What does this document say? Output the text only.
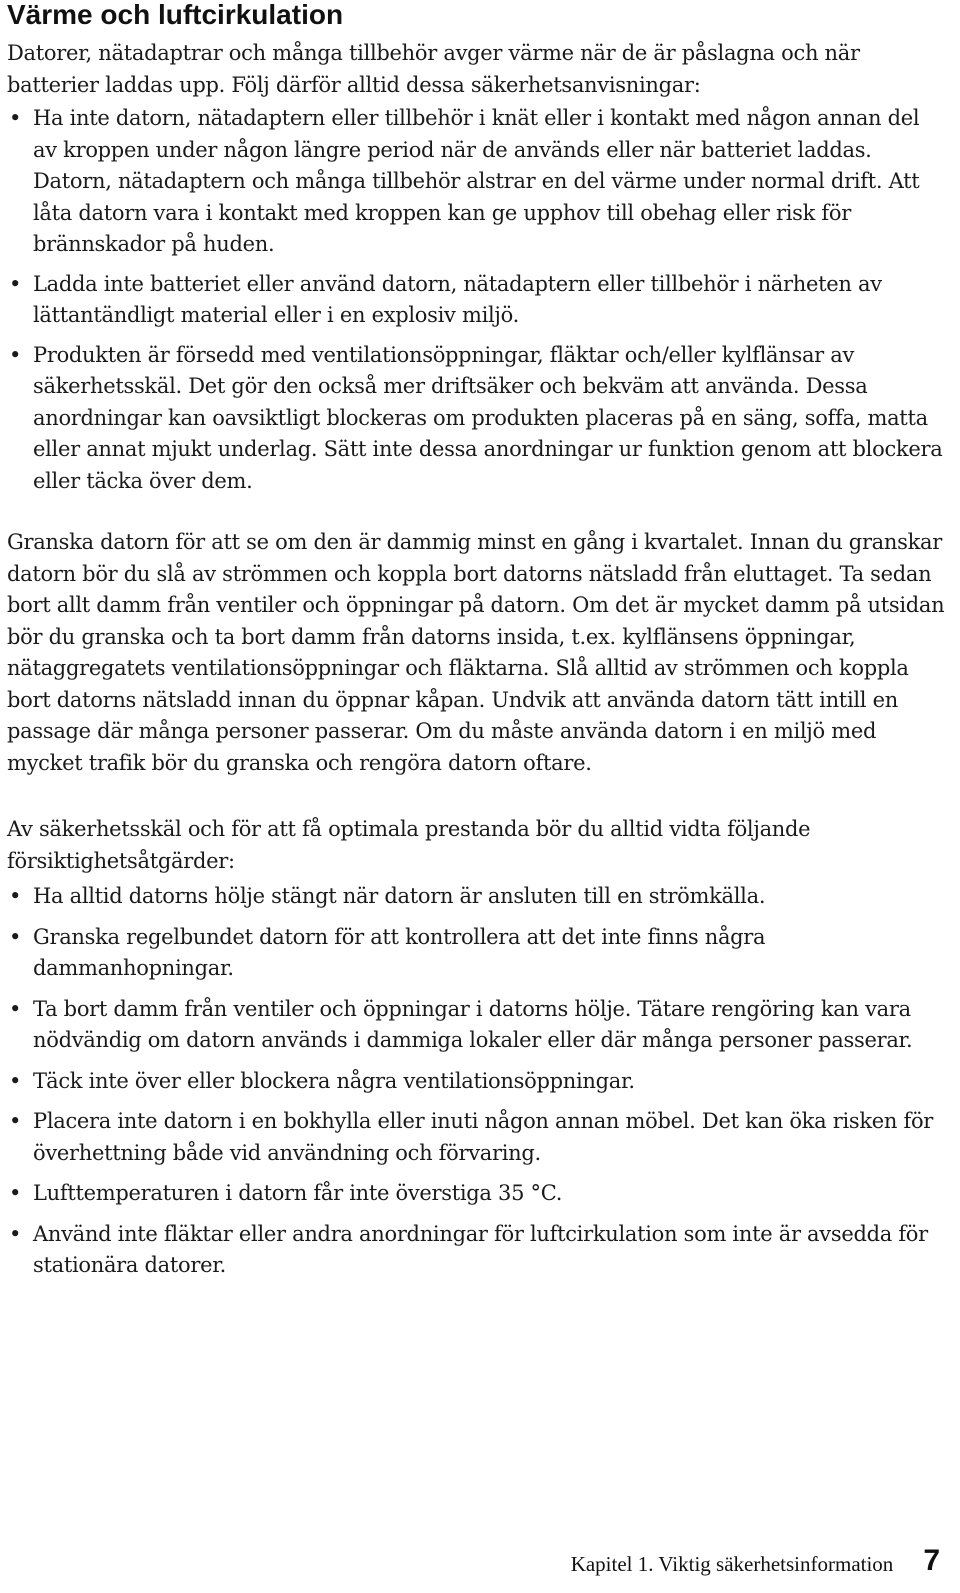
Värme och luftcirkulation

Datorer, nätadaptrar och många tillbehör avger värme när de är påslagna och när batterier laddas upp. Följ därför alltid dessa säkerhetsanvisningar:

• Ha inte datorn, nätadaptern eller tillbehör i knät eller i kontakt med någon annan del av kroppen under någon längre period när de används eller när batteriet laddas. Datorn, nätadaptern och många tillbehör alstrar en del värme under normal drift. Att låta datorn vara i kontakt med kroppen kan ge upphov till obehag eller risk för brännskador på huden.
• Ladda inte batteriet eller använd datorn, nätadaptern eller tillbehör i närheten av lättantändligt material eller i en explosiv miljö.
• Produkten är försedd med ventilationsöppningar, fläktar och/eller kylflänsar av säkerhetsskäl. Det gör den också mer driftsäker och bekväm att använda. Dessa anordningar kan oavsiktligt blockeras om produkten placeras på en säng, soffa, matta eller annat mjukt underlag. Sätt inte dessa anordningar ur funktion genom att blockera eller täcka över dem.

Granska datorn för att se om den är dammig minst en gång i kvartalet. Innan du granskar datorn bör du slå av strömmen och koppla bort datorns nätsladd från eluttaget. Ta sedan bort allt damm från ventiler och öppningar på datorn. Om det är mycket damm på utsidan bör du granska och ta bort damm från datorns insida, t.ex. kylflänsens öppningar, nätaggregatets ventilationsöppningar och fläktarna. Slå alltid av strömmen och koppla bort datorns nätsladd innan du öppnar kåpan. Undvik att använda datorn tätt intill en passage där många personer passerar. Om du måste använda datorn i en miljö med mycket trafik bör du granska och rengöra datorn oftare.

Av säkerhetsskäl och för att få optimala prestanda bör du alltid vidta följande försiktighetsåtgärder:

• Ha alltid datorns hölje stängt när datorn är ansluten till en strömkälla.
• Granska regelbundet datorn för att kontrollera att det inte finns några dammanhopningar.
• Ta bort damm från ventiler och öppningar i datorns hölje. Tätare rengöring kan vara nödvändig om datorn används i dammiga lokaler eller där många personer passerar.
• Täck inte över eller blockera några ventilationsöppningar.
• Placera inte datorn i en bokhylla eller inuti någon annan möbel. Det kan öka risken för överhettning både vid användning och förvaring.
• Lufttemperaturen i datorn får inte överstiga 35 °C.
• Använd inte fläktar eller andra anordningar för luftcirkulation som inte är avsedda för stationära datorer.
Kapitel 1. Viktig säkerhetsinformation 7
